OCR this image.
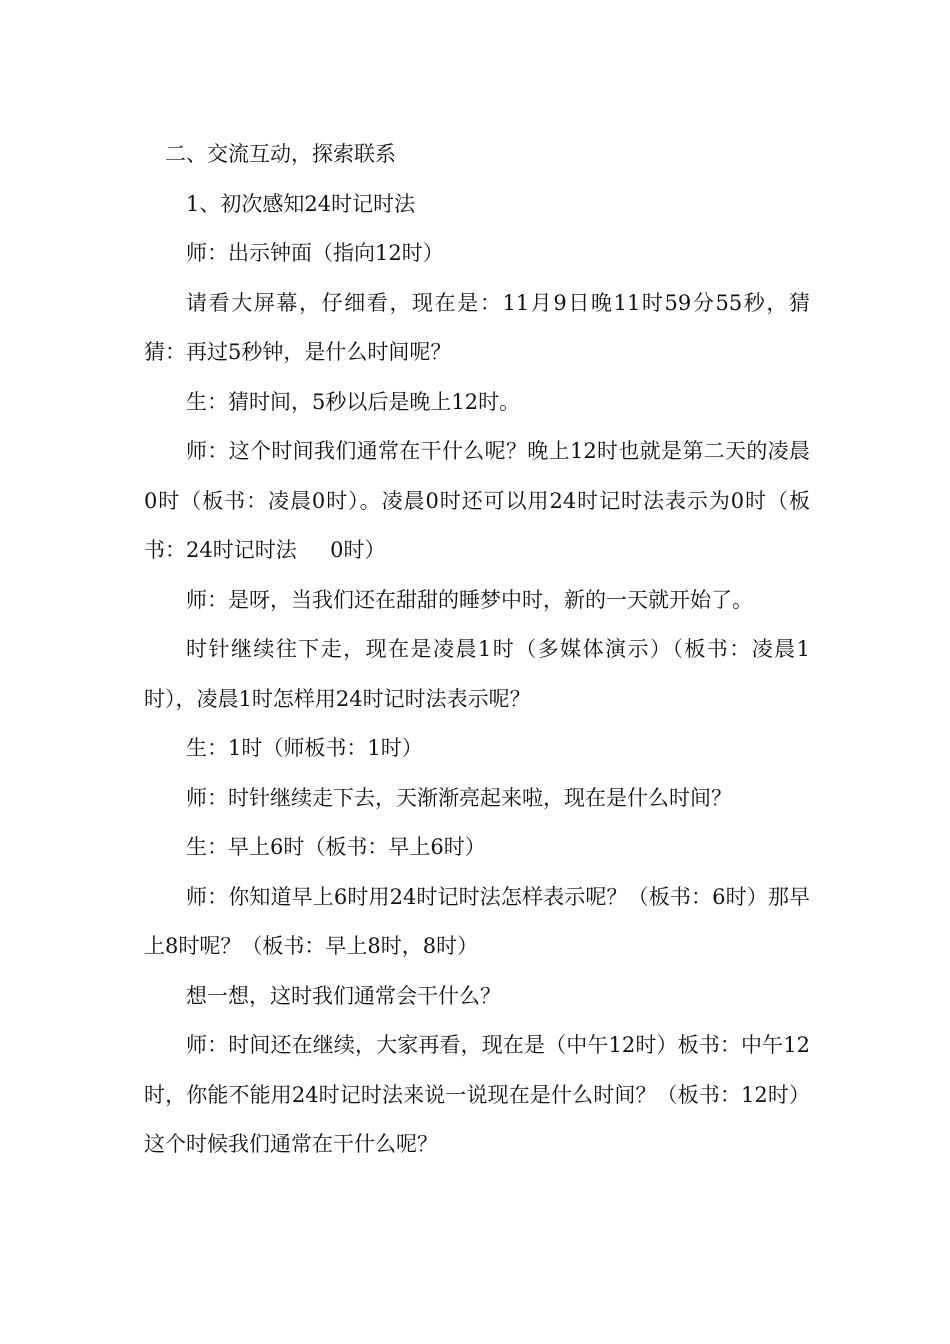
二、交流互动，探索联系

1、初次感知24时记时法

师：出示钟面（指向12时）

请看大屏幕，仔细看，现在是：11月9日晚11时59分55秒，猜猜：再过5秒钟，是什么时间呢？

生：猜时间，5秒以后是晚上12时。

师：这个时间我们通常在干什么呢？晚上12时也就是第二天的凌晨0时（板书：凌晨0时）。凌晨0时还可以用24时记时法表示为0时（板书：24时记时法     0时）

师：是呀，当我们还在甜甜的睡梦中时，新的一天就开始了。

时针继续往下走，现在是凌晨1时（多媒体演示）（板书：凌晨1时），凌晨1时怎样用24时记时法表示呢？

生：1时（师板书：1时）

师：时针继续走下去，天渐渐亮起来啦，现在是什么时间？

生：早上6时（板书：早上6时）

师：你知道早上6时用24时记时法怎样表示呢？（板书：6时）那早上8时呢？（板书：早上8时，8时）

想一想，这时我们通常会干什么？

师：时间还在继续，大家再看，现在是（中午12时）板书：中午12时，你能不能用24时记时法来说一说现在是什么时间？（板书：12时）这个时候我们通常在干什么呢？
